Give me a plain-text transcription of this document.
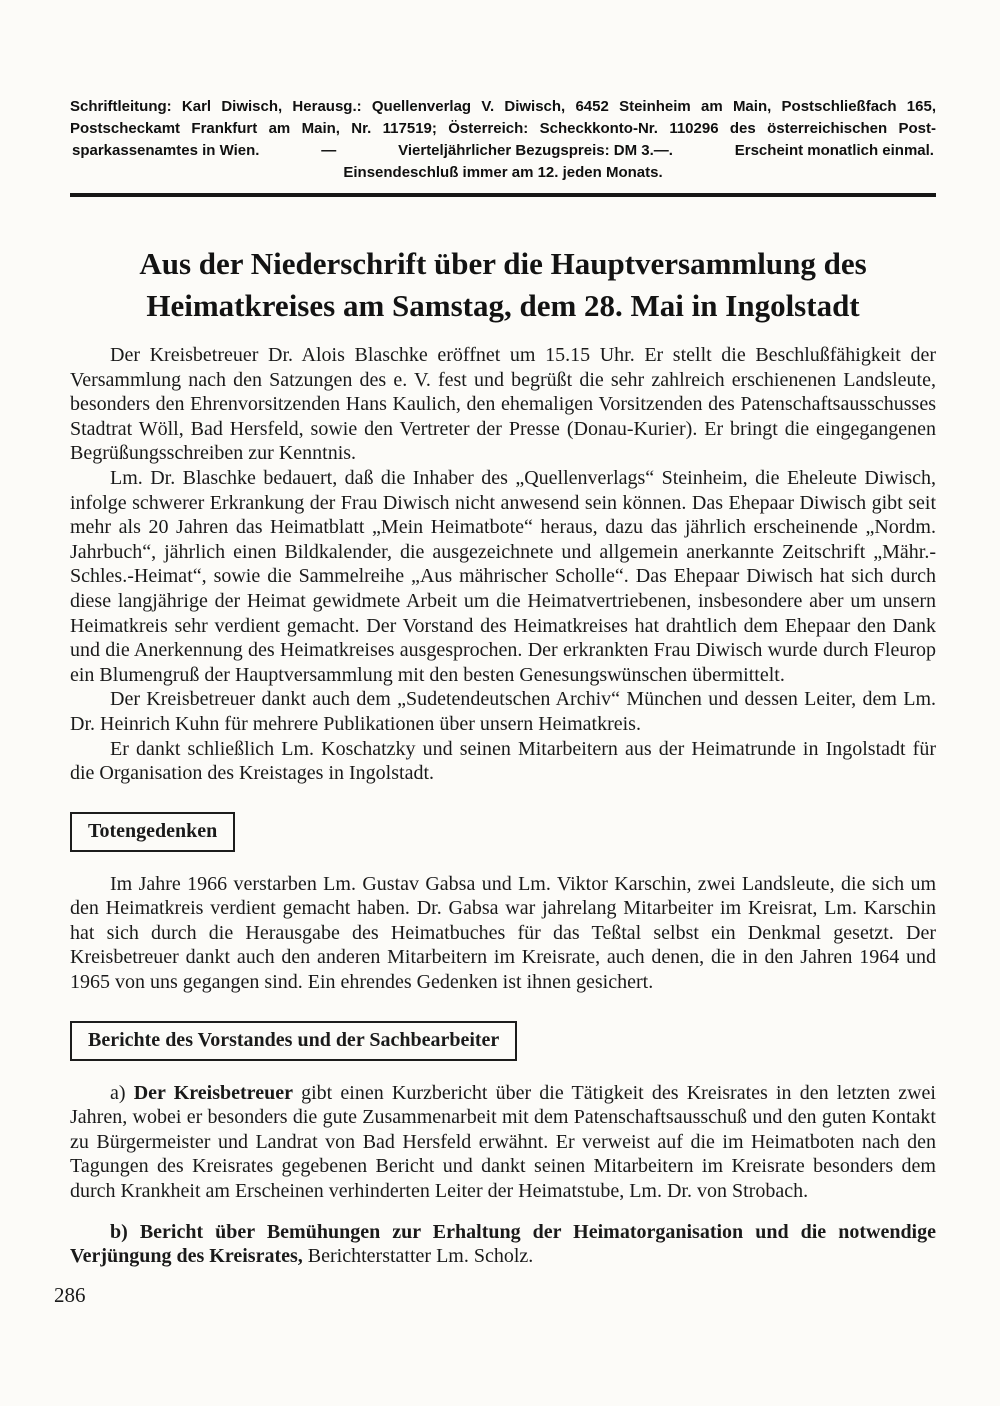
Schriftleitung: Karl Diwisch, Herausg.: Quellenverlag V. Diwisch, 6452 Steinheim am Main, Postschließfach 165,
Postscheckamt Frankfurt am Main, Nr. 117519; Österreich: Scheckkonto-Nr. 110296 des österreichischen Post-
sparkassenamtes in Wien.	—	Vierteljährlicher Bezugspreis: DM 3.—.	Erscheint monatlich einmal.
Einsendeschluß immer am 12. jeden Monats.
Aus der Niederschrift über die Hauptversammlung des
Heimatkreises am Samstag, dem 28. Mai in Ingolstadt

Der Kreisbetreuer Dr. Alois Blaschke eröffnet um 15.15 Uhr. Er stellt die Beschlußfähigkeit der Versammlung nach den Satzungen des e. V. fest und begrüßt die sehr zahlreich erschienenen Landsleute, besonders den Ehrenvorsitzenden Hans Kaulich, den ehemaligen Vorsitzenden des Patenschaftsausschusses Stadtrat Wöll, Bad Hersfeld, sowie den Vertreter der Presse (Donau-Kurier). Er bringt die eingegangenen Begrüßungsschreiben zur Kenntnis.

Lm. Dr. Blaschke bedauert, daß die Inhaber des „Quellenverlags“ Steinheim, die Eheleute Diwisch, infolge schwerer Erkrankung der Frau Diwisch nicht anwesend sein können. Das Ehepaar Diwisch gibt seit mehr als 20 Jahren das Heimatblatt „Mein Heimatbote“ heraus, dazu das jährlich erscheinende „Nordm. Jahrbuch“, jährlich einen Bildkalender, die ausgezeichnete und allgemein anerkannte Zeitschrift „Mähr.-Schles.-Heimat“, sowie die Sammelreihe „Aus mährischer Scholle“. Das Ehepaar Diwisch hat sich durch diese langjährige der Heimat gewidmete Arbeit um die Heimatvertriebenen, insbesondere aber um unsern Heimatkreis sehr verdient gemacht. Der Vorstand des Heimatkreises hat drahtlich dem Ehepaar den Dank und die Anerkennung des Heimatkreises ausgesprochen. Der erkrankten Frau Diwisch wurde durch Fleurop ein Blumengruß der Hauptversammlung mit den besten Genesungswünschen übermittelt.

Der Kreisbetreuer dankt auch dem „Sudetendeutschen Archiv“ München und dessen Leiter, dem Lm. Dr. Heinrich Kuhn für mehrere Publikationen über unsern Heimatkreis.

Er dankt schließlich Lm. Koschatzky und seinen Mitarbeitern aus der Heimatrunde in Ingolstadt für die Organisation des Kreistages in Ingolstadt.

Totengedenken

Im Jahre 1966 verstarben Lm. Gustav Gabsa und Lm. Viktor Karschin, zwei Landsleute, die sich um den Heimatkreis verdient gemacht haben. Dr. Gabsa war jahrelang Mitarbeiter im Kreisrat, Lm. Karschin hat sich durch die Herausgabe des Heimatbuches für das Teßtal selbst ein Denkmal gesetzt. Der Kreisbetreuer dankt auch den anderen Mitarbeitern im Kreisrate, auch denen, die in den Jahren 1964 und 1965 von uns gegangen sind. Ein ehrendes Gedenken ist ihnen gesichert.

Berichte des Vorstandes und der Sachbearbeiter

a) Der Kreisbetreuer gibt einen Kurzbericht über die Tätigkeit des Kreisrates in den letzten zwei Jahren, wobei er besonders die gute Zusammenarbeit mit dem Patenschaftsausschuß und den guten Kontakt zu Bürgermeister und Landrat von Bad Hersfeld erwähnt. Er verweist auf die im Heimatboten nach den Tagungen des Kreisrates gegebenen Bericht und dankt seinen Mitarbeitern im Kreisrate besonders dem durch Krankheit am Erscheinen verhinderten Leiter der Heimatstube, Lm. Dr. von Strobach.

b) Bericht über Bemühungen zur Erhaltung der Heimatorganisation und die notwendige Verjüngung des Kreisrates, Berichterstatter Lm. Scholz.

286
